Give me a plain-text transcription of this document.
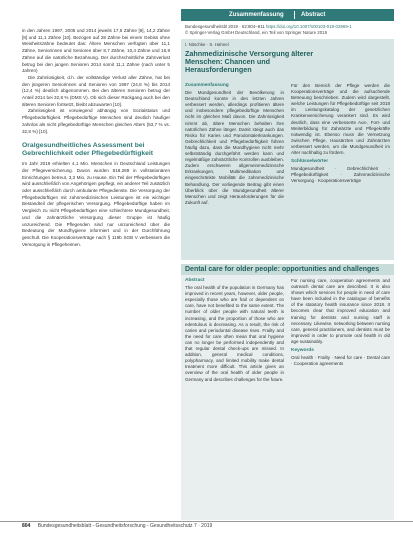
in den Jahren 1997, 2005 und 2014 jeweils 17,6 Zähne [9], 14,2 Zähne [8] und 11,1 Zähne [10]. Bezogen auf 28 Zähne bei einem Gebiss ohne Weisheitszähne bedeutet das: Ältere Menschen verfügten über 11,1 Zähne, Seniorinnen und Senioren über 8,7 Zähne, 10,4 Zähne und 16,9 Zähne auf die natürliche Bezahnung. Der durchschnittliche Zahnverlust betrug bei den jungen Senioren 2014 somit 11,1 Zähne (nach unter 5 Jahren)

Die Zahnlosigkeit, d.h. der vollständige Verlust aller Zähne, hat bei den jüngeren Seniorinnen und Senioren von 1997 (24,8 %) bis 2014 (12,4 %) deutlich abgenommen. Bei den älteren Senioren betrug der Anteil 2014 bei 32,8 % (DMS V). Ob sich dieser Rückgang auch bei den älteren Senioren fortsetzt, bleibt abzuwarten [10].

Zahnlosigkeit ist vorwiegend abhängig von Sozialstatus und Pflegebedürftigkeit. Pflegebedürftige Menschen sind deutlich häufiger zahnlos als nicht pflegebedürftige Menschen gleichen Alters (53,7 % vs. 32,8 %) [10].

Oralgesundheitliches Assessment bei Gebrechlichkeit oder Pflegebedürftigkeit

Im Jahr 2019 erhielten 4,1 Mio. Menschen in Deutschland Leistungen der Pflegeversicherung. Davon wurden 818.289 in vollstationären Einrichtungen betreut, 3,3 Mio. zu Hause. Ein Teil der Pflegebedürftigen wird ausschließlich von Angehörigen gepflegt, ein anderer Teil zusätzlich oder ausschließlich durch ambulante Pflegedienste. Die Versorgung der Pflegebedürftigen mit zahnmedizinischen Leistungen ist ein wichtiger Bestandteil der pflegerischen Versorgung. Pflegebedürftige haben im Vergleich zu nicht Pflegebedürftigen eine schlechtere Mundgesundheit, und die zahnärztliche Versorgung dieser Gruppe ist häufig unzureichend. Die Pflegenden sind nur unzureichend über die Bedeutung der Mundhygiene informiert und in der Durchführung geschult. Die Kooperationsverträge nach § 119b SGB V verbessern die Versorgung in Pflegeheimen.

Zusammenfassung	Abstract
Bundesgesundheitsbl 2019 · 62:804–811 https://doi.org/10.1007/s00103-019-02969-1
© Springer-Verlag GmbH Deutschland, ein Teil von Springer Nature 2019
I. Nitschke · S. Hahnel
Zahnmedizinische Versorgung älterer Menschen: Chancen und Herausforderungen
Zusammenfassung
Die Mundgesundheit der Bevölkerung in Deutschland konnte in den letzten Jahren verbessert werden, allerdings profitieren ältere und insbesondere pflegebedürftige Menschen nicht im gleichen Maß davon. Die Zahnlosigkeit nimmt ab, ältere Menschen behalten ihre natürlichen Zähne länger. Damit steigt auch das Risiko für Karies und Parodontalerkrankungen. Gebrechlichkeit und Pflegebedürftigkeit führen häufig dazu, dass die Mundhygiene nicht mehr selbstständig durchgeführt werden kann und regelmäßige zahnärztliche Kontrollen ausbleiben. Zudem erschweren allgemeinmedizinische Erkrankungen, Multimedikation und eingeschränkte Mobilität die zahnmedizinische Behandlung. Der vorliegende Beitrag gibt einen Überblick über die Mundgesundheit älterer Menschen und zeigt Herausforderungen für die Zukunft auf.
Für den Bereich der Pflege werden die Kooperationsverträge und die aufsuchende Betreuung beschrieben. Zudem wird dargestellt, welche Leistungen für Pflegebedürftige seit 2018 im Leistungskatalog der gesetzlichen Krankenversicherung verankert sind. Es wird deutlich, dass eine verbesserte Aus-, Fort- und Weiterbildung für Zahnärzte und Pflegekräfte notwendig ist. Ebenso muss die Vernetzung zwischen Pflege, Hausärzten und Zahnärzten verbessert werden, um die Mundgesundheit im Alter nachhaltig zu fördern.
Schlüsselwörter
Mundgesundheit · Gebrechlichkeit · Pflegebedürftigkeit · Zahnmedizinische Versorgung · Kooperationsverträge
Dental care for older people: opportunities and challenges
Abstract
The oral health of the population in Germany has improved in recent years, however, older people, especially those who are frail or dependent on care, have not benefited to the same extent. The number of older people with natural teeth is increasing, and the proportion of those who are edentulous is decreasing. As a result, the risk of caries and periodontal disease rises. Frailty and the need for care often mean that oral hygiene can no longer be performed independently and that regular dental check-ups are missed. In addition, general medical conditions, polypharmacy, and limited mobility make dental treatment more difficult. This article gives an overview of the oral health of older people in Germany and describes challenges for the future.
For nursing care, cooperation agreements and outreach dental care are described. It is also shown which services for people in need of care have been included in the catalogue of benefits of the statutory health insurance since 2018. It becomes clear that improved education and training for dentists and nursing staff is necessary. Likewise, networking between nursing care, general practitioners, and dentists must be improved in order to promote oral health in old age sustainably.
Keywords
Oral health · Frailty · Need for care · Dental care · Cooperation agreements
804 Bundesgesundheitsblatt - Gesundheitsforschung - Gesundheitsschutz 7 · 2019
